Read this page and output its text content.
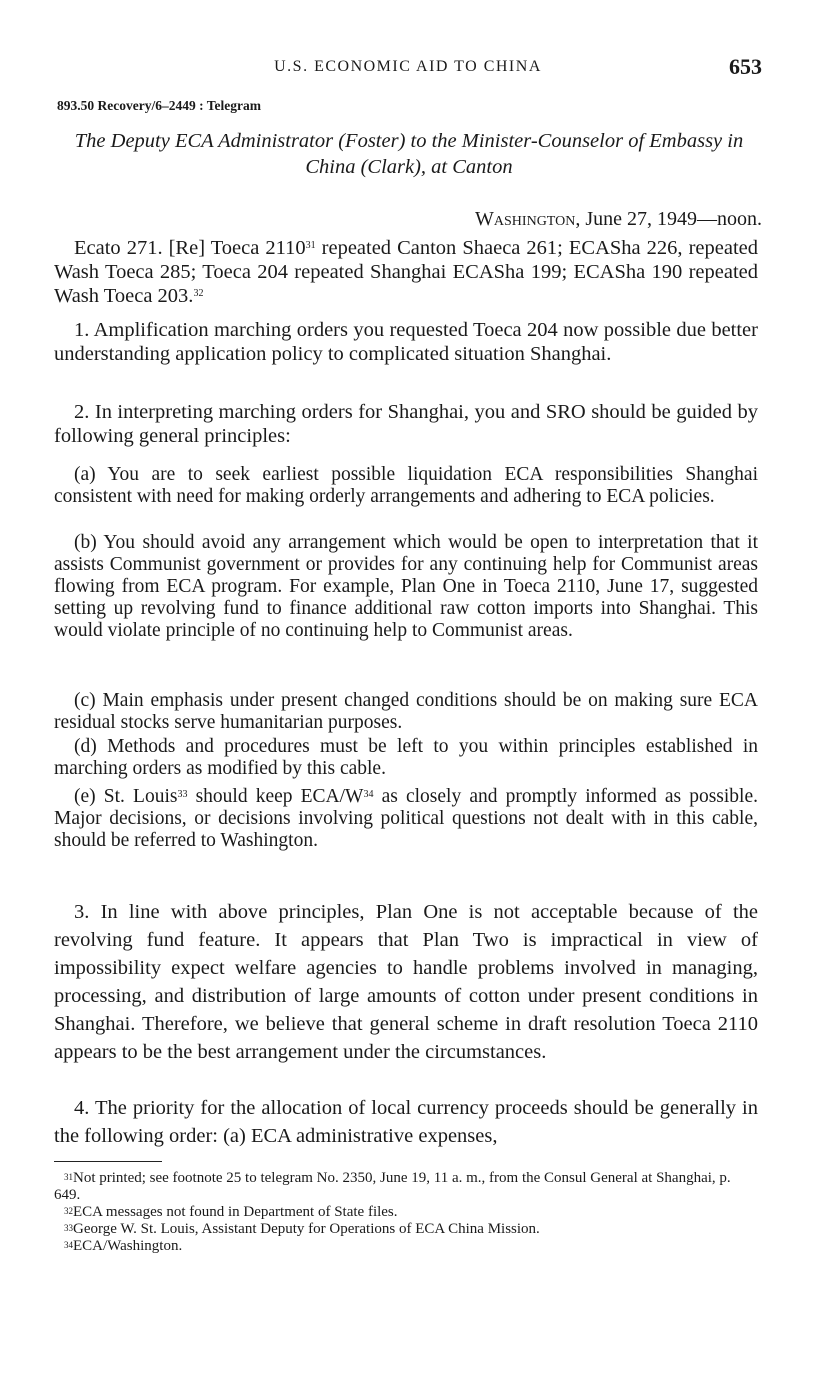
U.S. ECONOMIC AID TO CHINA	653
893.50 Recovery/6–2449 : Telegram
The Deputy ECA Administrator (Foster) to the Minister-Counselor of Embassy in China (Clark), at Canton
Washington, June 27, 1949—noon.
Ecato 271. [Re] Toeca 2110$^{31}$ repeated Canton Shaeca 261; ECASha 226, repeated Wash Toeca 285; Toeca 204 repeated Shanghai ECASha 199; ECASha 190 repeated Wash Toeca 203.32
1. Amplification marching orders you requested Toeca 204 now possible due better understanding application policy to complicated situation Shanghai.
2. In interpreting marching orders for Shanghai, you and SRO should be guided by following general principles:
(a) You are to seek earliest possible liquidation ECA responsibilities Shanghai consistent with need for making orderly arrangements and adhering to ECA policies.
(b) You should avoid any arrangement which would be open to interpretation that it assists Communist government or provides for any continuing help for Communist areas flowing from ECA program. For example, Plan One in Toeca 2110, June 17, suggested setting up revolving fund to finance additional raw cotton imports into Shanghai. This would violate principle of no continuing help to Communist areas.
(c) Main emphasis under present changed conditions should be on making sure ECA residual stocks serve humanitarian purposes.
(d) Methods and procedures must be left to you within principles established in marching orders as modified by this cable.
(e) St. Louis$^{33}$ should keep ECA/$W^{34}$ as closely and promptly informed as possible. Major decisions, or decisions involving political questions not dealt with in this cable, should be referred to Washington.
3. In line with above principles, Plan One is not acceptable because of the revolving fund feature. It appears that Plan Two is impractical in view of impossibility expect welfare agencies to handle problems involved in managing, processing, and distribution of large amounts of cotton under present conditions in Shanghai. Therefore, we believe that general scheme in draft resolution Toeca 2110 appears to be the best arrangement under the circumstances.
4. The priority for the allocation of local currency proceeds should be generally in the following order: (a) ECA administrative expenses,

$^{31}$Not printed; see footnote 25 to telegram No. 2350, June 19, 11 a. m., from the Consul General at Shanghai, p. 649.

$^{32}$ECA messages not found in Department of State files.

$^{33}$George W. St. Louis, Assistant Deputy for Operations of ECA China Mission.

$^{34}$ECA/Washington.
